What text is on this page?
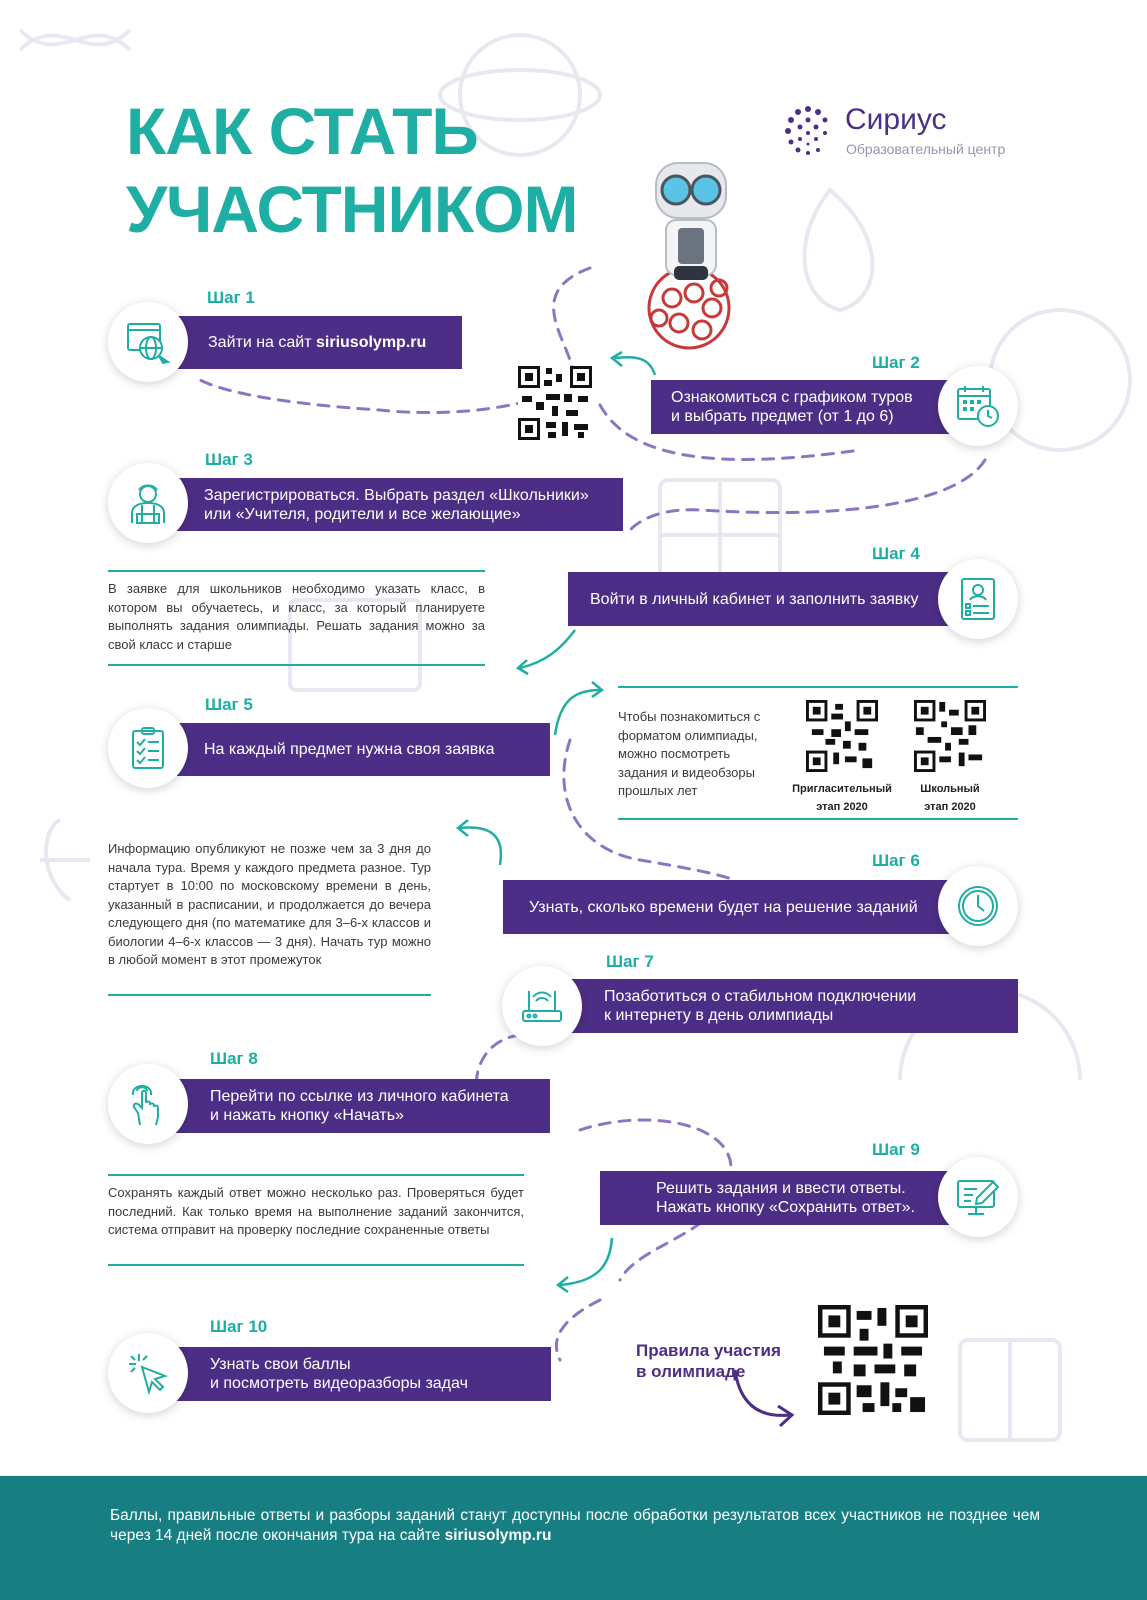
КАК СТАТЬ
УЧАСТНИКОМ
Сириус
Образовательный центр
Шаг 1
Зайти на сайт
siriusolymp.ru
Шаг 2
Ознакомиться с графиком туров
и выбрать предмет (от 1 до 6)
Шаг 3
Зарегистрироваться. Выбрать раздел «Школьники»
или «Учителя, родители и все желающие»
В заявке для школьников необходимо указать класс, в котором вы обучаетесь, и класс, за который планируете выполнять задания олимпиады. Решать задания можно за свой класс и старше
Шаг 4
Войти в личный кабинет и заполнить заявку
Чтобы познакомиться с форматом олимпиады, можно посмотреть задания и видеобзоры прошлых лет	Пригласительный
этап 2020
Школьный
этап 2020
Шаг 5
На каждый предмет нужна своя заявка
Информацию опубликуют не позже чем за 3 дня до начала тура. Время у каждого предмета разное. Тур стартует в 10:00 по московскому времени в день, указанный в расписании, и продолжается до вечера следующего дня (по математике для 3–6-х классов и биологии 4–6-х классов — 3 дня). Начать тур можно в любой момент в этот промежуток
Шаг 6
Узнать, сколько времени будет на решение заданий
Шаг 7
Позаботиться о стабильном подключении
к интернету в день олимпиады
Шаг 8
Перейти по ссылке из личного кабинета
и нажать кнопку «Начать»
Сохранять каждый ответ можно несколько раз. Проверяться будет последний. Как только время на выполнение заданий закончится, система отправит на проверку последние сохраненные ответы
Шаг 9
Решить задания и ввести ответы.
Нажать кнопку «Сохранить ответ».
Шаг 10
Узнать свои баллы
и посмотреть видеоразборы задач
Правила участия
в олимпиаде
Баллы, правильные ответы и разборы заданий станут доступны после обработки результатов всех участников не позднее чем через 14 дней после окончания тура на сайте siriusolymp.ru
